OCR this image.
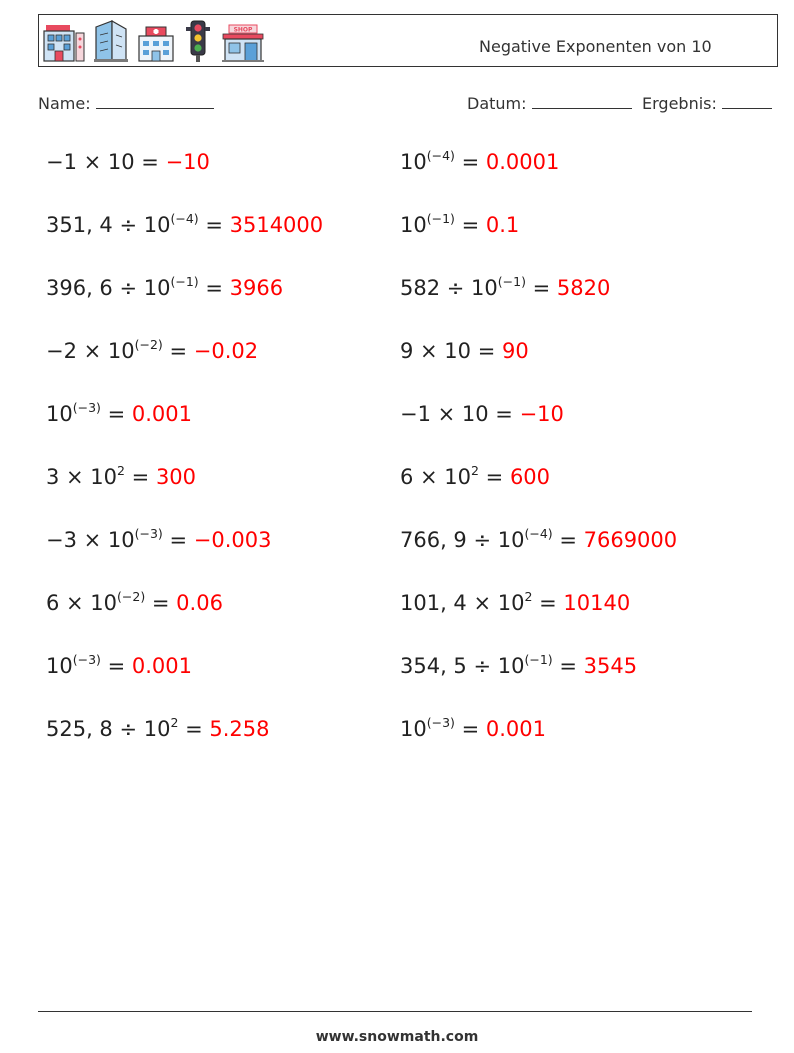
SHOP
Negative Exponenten von 10
Name:	Datum:	Ergebnis:
−1 × 10 = −10
351, $4 \div 10^{(-4)} = 3514000$
396, $6 \div 10^{(-1)} = 3966$
$-2 \times 10^{(-2)} = -0.02$
$10^{(-3)} = 0.001$
$3 \times 10^2 = 300$
$-3 \times 10^{(-3)} = -0.003$
$6 \times 10^{(-2)} = 0.06$
$10^{(-3)} = 0.001$
525, $8 \div 10^2 = 5.258$
$10^{(-4)} = 0.0001$
$10^{(-1)} = 0.1$
$582 \div 10^{(-1)} = 5820$
9 × 10 = 90
−1 × 10 = −10
$6 \times 10^2 = 600$
766, $9 \div 10^{(-4)} = 7669000$
101, $4 \times 10^2 = 10140$
354, $5 \div 10^{(-1)} = 3545$
$10^{(-3)} = 0.001$
www.snowmath.com
